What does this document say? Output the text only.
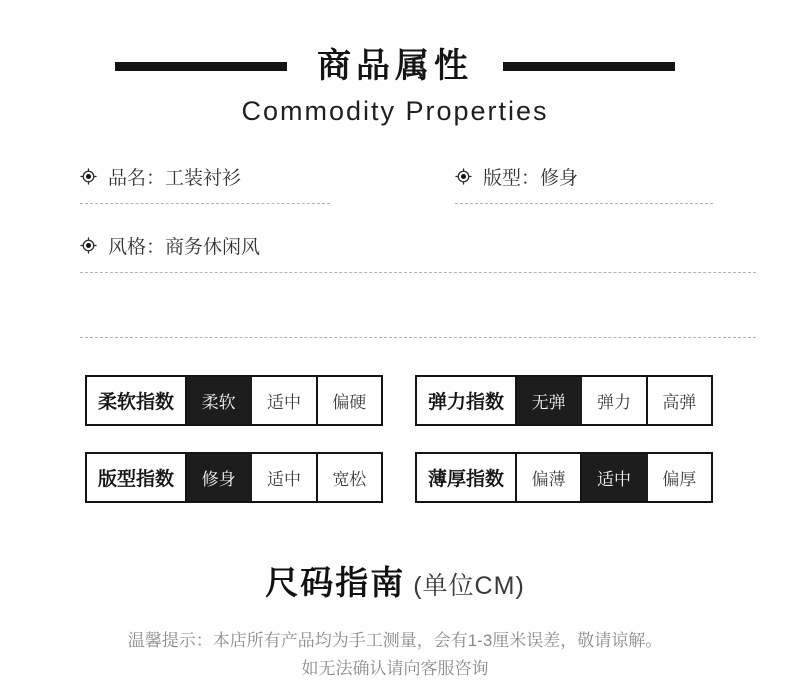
商品属性
Commodity Properties
品名：工装衬衫	版型：修身
风格：商务休闲风
柔软指数	柔软	适中	偏硬	弹力指数	无弹	弹力	高弹
版型指数	修身	适中	宽松	薄厚指数	偏薄	适中	偏厚
尺码指南 (单位CM)
温馨提示：本店所有产品均为手工测量，会有1-3厘米误差，敬请谅解。
如无法确认请向客服咨询
